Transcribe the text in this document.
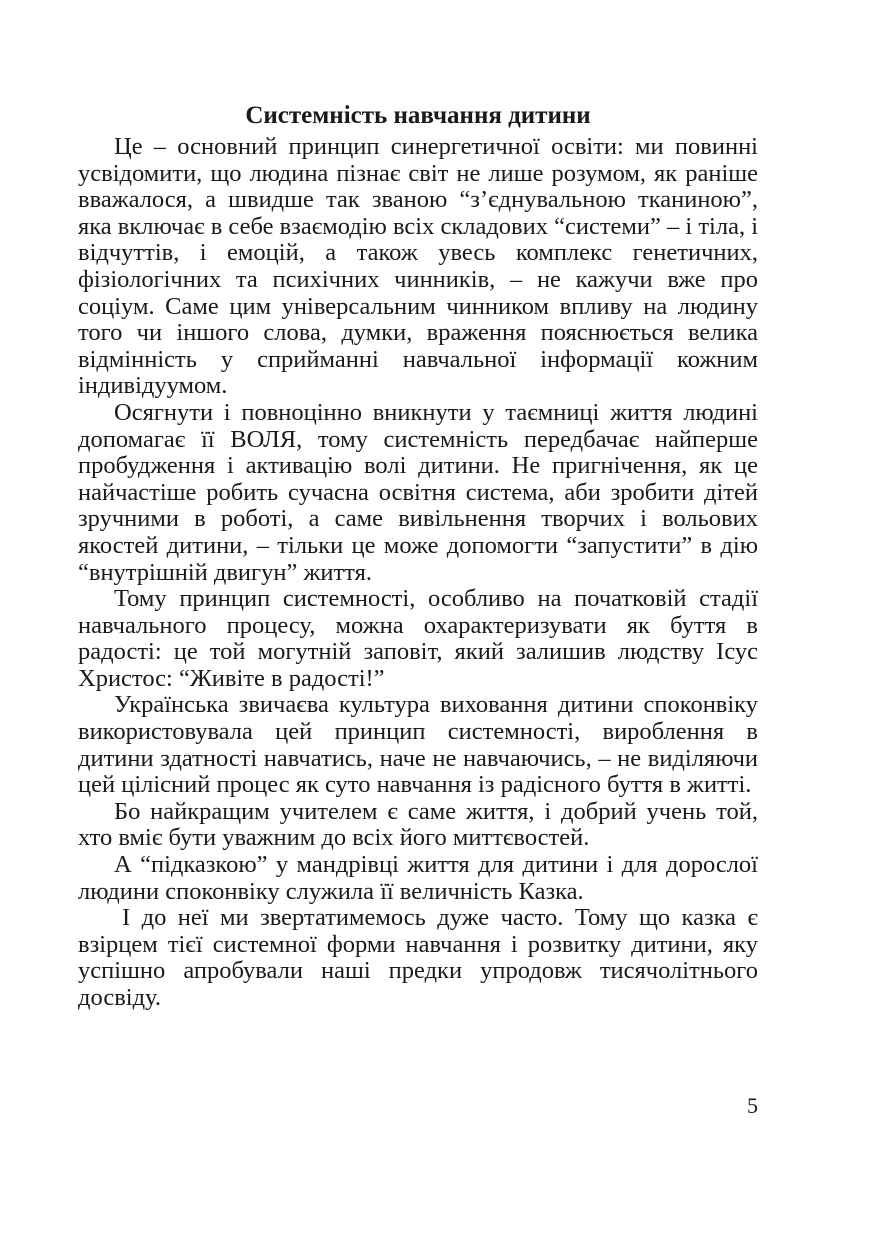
Системність навчання дитини

Це – основний принцип синергетичної освіти: ми повинні усвідомити, що людина пізнає світ не лише розумом, як раніше вважалося, а швидше так званою “з’єднувальною тканиною”, яка включає в себе взаємодію всіх складових “системи” – і тіла, і відчуттів, і емоцій, а також увесь комплекс генетичних, фізіологічних та психічних чинників, – не кажучи вже про соціум. Саме цим універсальним чинником впливу на людину того чи іншого слова, думки, враження пояснюється велика відмінність у сприйманні навчальної інформації кожним індивідуумом.

Осягнути і повноцінно вникнути у таємниці життя людині допомагає її ВОЛЯ, тому системність передбачає найперше пробудження і активацію волі дитини. Не пригнічення, як це найчастіше робить сучасна освітня система, аби зробити дітей зручними в роботі, а саме вивільнення творчих і вольових якостей дитини, – тільки це може допомогти “запустити” в дію “внутрішній двигун” життя.

Тому принцип системності, особливо на початковій стадії навчального процесу, можна охарактеризувати як буття в радості: це той могутній заповіт, який залишив людству Ісус Христос: “Живіте в радості!”

Українська звичаєва культура виховання дитини споконвіку використовувала цей принцип системності, вироблення в дитини здатності навчатись, наче не навчаючись, – не виділяючи цей цілісний процес як суто навчання із радісного буття в житті.

Бо найкращим учителем є саме життя, і добрий учень той, хто вміє бути уважним до всіх його миттєвостей.

А “підказкою” у мандрівці життя для дитини і для дорослої людини споконвіку служила її величність Казка.

І до неї ми звертатимемось дуже часто. Тому що казка є взірцем тієї системної форми навчання і розвитку дитини, яку успішно апробували наші предки упродовж тисячолітнього досвіду.

5
